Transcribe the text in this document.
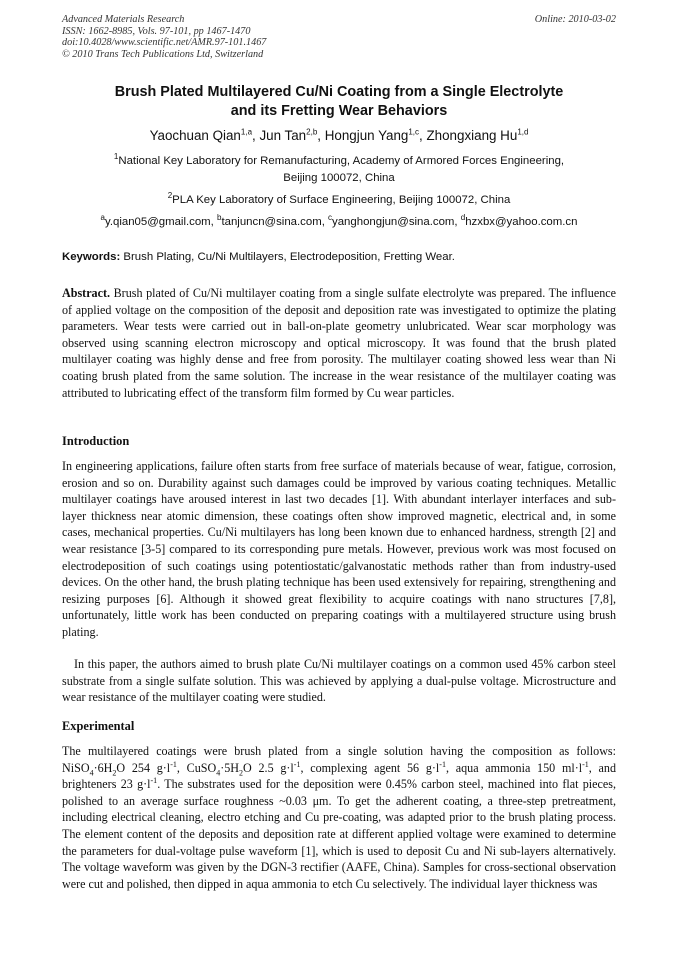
Advanced Materials Research
ISSN: 1662-8985, Vols. 97-101, pp 1467-1470
doi:10.4028/www.scientific.net/AMR.97-101.1467
© 2010 Trans Tech Publications Ltd, Switzerland
Online: 2010-03-02
Brush Plated Multilayered Cu/Ni Coating from a Single Electrolyte
and its Fretting Wear Behaviors
Yaochuan Qian$^{1,a}$, Jun Tan$^{2,b}$, Hongjun Yang$^{1,c}$, Zhongxiang Hu$^{1,d}$
$^1$National Key Laboratory for Remanufacturing, Academy of Armored Forces Engineering,
Beijing 100072, China
$^2$PLA Key Laboratory of Surface Engineering, Beijing 100072, China
$^a$y.qian05@gmail.com, $^b$tanjuncn@sina.com, $^c$yanghongjun@sina.com, $^d$hzxbx@yahoo.com.cn
Keywords: Brush Plating, Cu/Ni Multilayers, Electrodeposition, Fretting Wear.

Abstract. Brush plated of Cu/Ni multilayer coating from a single sulfate electrolyte was prepared. The influence of applied voltage on the composition of the deposit and deposition rate was investigated to optimize the plating parameters. Wear tests were carried out in ball-on-plate geometry unlubricated. Wear scar morphology was observed using scanning electron microscopy and optical microscopy. It was found that the brush plated multilayer coating was highly dense and free from porosity. The multilayer coating showed less wear than Ni coating brush plated from the same solution. The increase in the wear resistance of the multilayer coating was attributed to lubricating effect of the transform film formed by Cu wear particles.

Introduction

In engineering applications, failure often starts from free surface of materials because of wear, fatigue, corrosion, erosion and so on. Durability against such damages could be improved by various coating techniques. Metallic multilayer coatings have aroused interest in last two decades [1]. With abundant interlayer interfaces and sub-layer thickness near atomic dimension, these coatings often show improved magnetic, electrical and, in some cases, mechanical properties. Cu/Ni multilayers has long been known due to enhanced hardness, strength [2] and wear resistance [3-5] compared to its corresponding pure metals. However, previous work was most focused on electrodeposition of such coatings using potentiostatic/galvanostatic methods rather than from industry-used devices. On the other hand, the brush plating technique has been used extensively for repairing, strengthening and resizing purposes [6]. Although it showed great flexibility to acquire coatings with nano structures [7,8], unfortunately, little work has been conducted on preparing coatings with a multilayered structure using brush plating.

In this paper, the authors aimed to brush plate Cu/Ni multilayer coatings on a common used 45% carbon steel substrate from a single sulfate solution. This was achieved by applying a dual-pulse voltage. Microstructure and wear resistance of the multilayer coating were studied.

Experimental

The multilayered coatings were brush plated from a single solution having the composition as follows: $NiSO_4\cdot 6H_2O$ 254 $g\cdot l^{-1}$, $CuSO_4\cdot 5H_2O$ 2.5 $g\cdot l^{-1}$, complexing agent 56 $g\cdot l^{-1}$, aqua ammonia 150 $ml\cdot l^{-1}$, and brighteners 23 $g\cdot l^{-1}$. The substrates used for the deposition were 0.45% carbon steel, machined into flat pieces, polished to an average surface roughness ~0.03 μm. To get the adherent coating, a three-step pretreatment, including electrical cleaning, electro etching and Cu pre-coating, was adapted prior to the brush plating process. The element content of the deposits and deposition rate at different applied voltage were examined to determine the parameters for dual-voltage pulse waveform [1], which is used to deposit Cu and Ni sub-layers alternatively. The voltage waveform was given by the DGN-3 rectifier (AAFE, China). Samples for cross-sectional observation were cut and polished, then dipped in aqua ammonia to etch Cu selectively. The individual layer thickness was
